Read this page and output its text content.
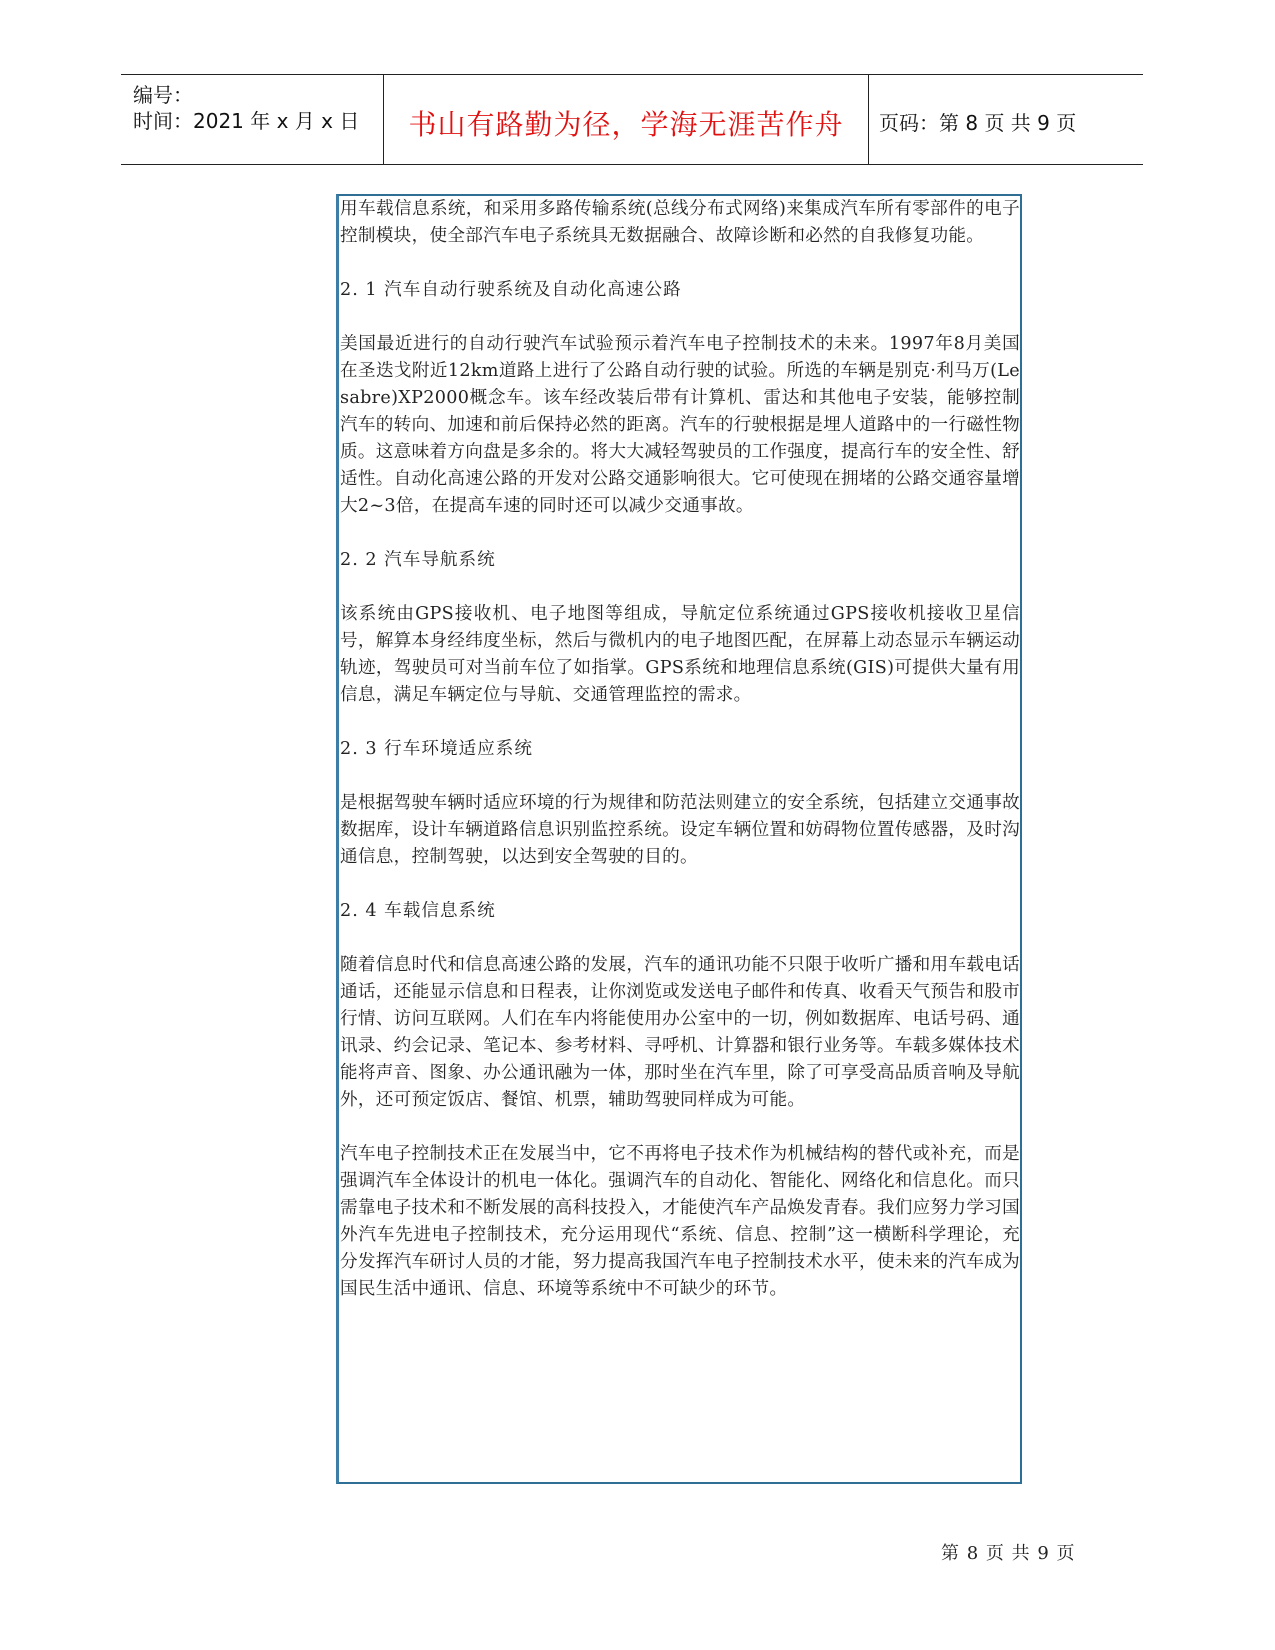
编号：
时间：2021 年 x 月 x 日 书山有路勤为径，学海无涯苦作舟 页码：第 8 页 共 9 页

用车载信息系统，和采用多路传输系统(总线分布式网络)来集成汽车所有零部件的电子控制模块，使全部汽车电子系统具无数据融合、故障诊断和必然的自我修复功能。

2. 1 汽车自动行驶系统及自动化高速公路

美国最近进行的自动行驶汽车试验预示着汽车电子控制技术的未来。1997年8月美国在圣迭戈附近12km道路上进行了公路自动行驶的试验。所选的车辆是别克·利马万(Le sabre)XP2000概念车。该车经改装后带有计算机、雷达和其他电子安装，能够控制汽车的转向、加速和前后保持必然的距离。汽车的行驶根据是埋人道路中的一行磁性物质。这意味着方向盘是多余的。将大大减轻驾驶员的工作强度，提高行车的安全性、舒适性。自动化高速公路的开发对公路交通影响很大。它可使现在拥堵的公路交通容量增大2~3倍，在提高车速的同时还可以减少交通事故。

2. 2 汽车导航系统

该系统由GPS接收机、电子地图等组成，导航定位系统通过GPS接收机接收卫星信号，解算本身经纬度坐标，然后与微机内的电子地图匹配，在屏幕上动态显示车辆运动轨迹，驾驶员可对当前车位了如指掌。GPS系统和地理信息系统(GIS)可提供大量有用信息，满足车辆定位与导航、交通管理监控的需求。

2. 3 行车环境适应系统

是根据驾驶车辆时适应环境的行为规律和防范法则建立的安全系统，包括建立交通事故数据库，设计车辆道路信息识别监控系统。设定车辆位置和妨碍物位置传感器，及时沟通信息，控制驾驶，以达到安全驾驶的目的。

2. 4 车载信息系统

随着信息时代和信息高速公路的发展，汽车的通讯功能不只限于收听广播和用车载电话通话，还能显示信息和日程表，让你浏览或发送电子邮件和传真、收看天气预告和股市行情、访问互联网。人们在车内将能使用办公室中的一切，例如数据库、电话号码、通讯录、约会记录、笔记本、参考材料、寻呼机、计算器和银行业务等。车载多媒体技术能将声音、图象、办公通讯融为一体，那时坐在汽车里，除了可享受高品质音响及导航外，还可预定饭店、餐馆、机票，辅助驾驶同样成为可能。

汽车电子控制技术正在发展当中，它不再将电子技术作为机械结构的替代或补充，而是强调汽车全体设计的机电一体化。强调汽车的自动化、智能化、网络化和信息化。而只需靠电子技术和不断发展的高科技投入，才能使汽车产品焕发青春。我们应努力学习国外汽车先进电子控制技术，充分运用现代“系统、信息、控制”这一横断科学理论，充分发挥汽车研讨人员的才能，努力提高我国汽车电子控制技术水平，使未来的汽车成为国民生活中通讯、信息、环境等系统中不可缺少的环节。

第 8 页 共 9 页
